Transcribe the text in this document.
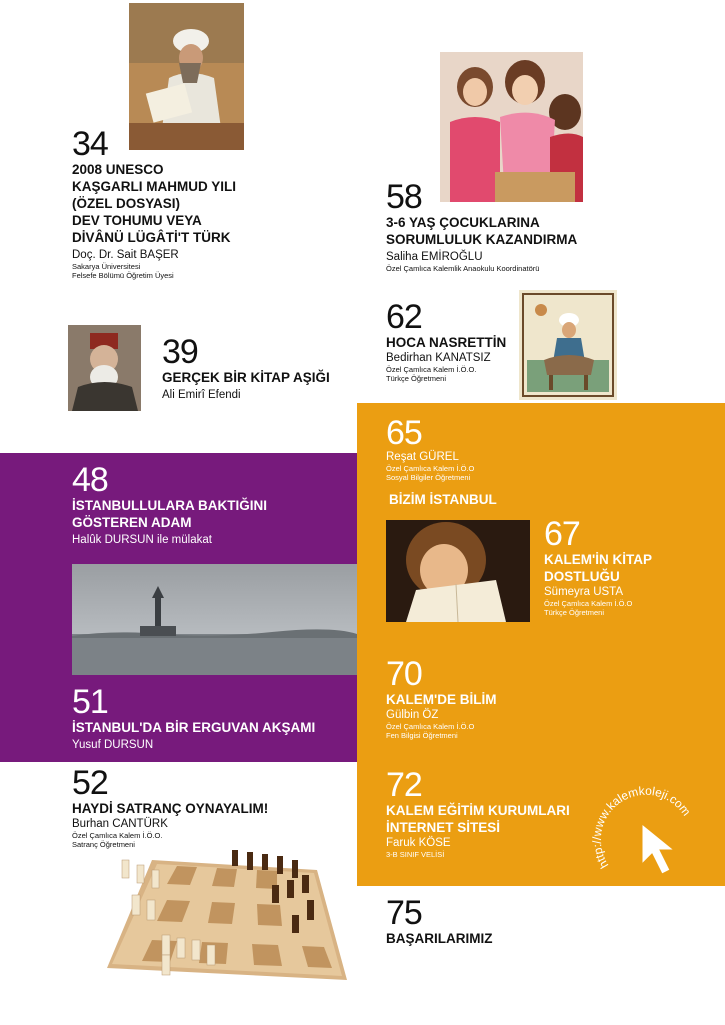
34
2008 UNESCO
KAŞGARLI MAHMUD YILI
(ÖZEL DOSYASI)
DEV TOHUMU VEYA
DİVÂNÜ LÜGÂTİ'T TÜRK
Doç. Dr. Sait BAŞER
Sakarya Üniversitesi
Felsefe Bölümü Öğretim Üyesi
58
3-6 YAŞ ÇOCUKLARINA
SORUMLULUK KAZANDIRMA
Saliha EMİROĞLU
Özel Çamlıca Kalemlik Anaokulu Koordinatörü
62
HOCA NASRETTİN
Bedirhan KANATSIZ
Özel Çamlıca Kalem İ.Ö.O.
Türkçe Öğretmeni
39
GERÇEK BİR KİTAP AŞIĞI
Ali Emirî Efendi
65
Reşat GÜREL
Özel Çamlıca Kalem İ.Ö.O
Sosyal Bilgiler Öğretmeni
BİZİM İSTANBUL
48
İSTANBULLULARA BAKTIĞINI
GÖSTEREN ADAM
Halûk DURSUN ile mülakat	67
KALEM'İN KİTAP
DOSTLUĞU
Sümeyra USTA
Özel Çamlıca Kalem İ.Ö.O
Türkçe Öğretmeni
70
KALEM'DE BİLİM
Gülbin ÖZ
Özel Çamlıca Kalem İ.Ö.O
Fen Bilgisi Öğretmeni
51
İSTANBUL'DA BİR ERGUVAN AKŞAMI
Yusuf DURSUN
52
HAYDİ SATRANÇ OYNAYALIM!
Burhan CANTÜRK
Özel Çamlıca Kalem İ.Ö.O.
Satranç Öğretmeni
72
KALEM EĞİTİM KURUMLARI
İNTERNET SİTESİ
Faruk KÖSE
3-B SINIF VELİSİ
http://www.kalemkoleji.com
75
BAŞARILARIMIZ
